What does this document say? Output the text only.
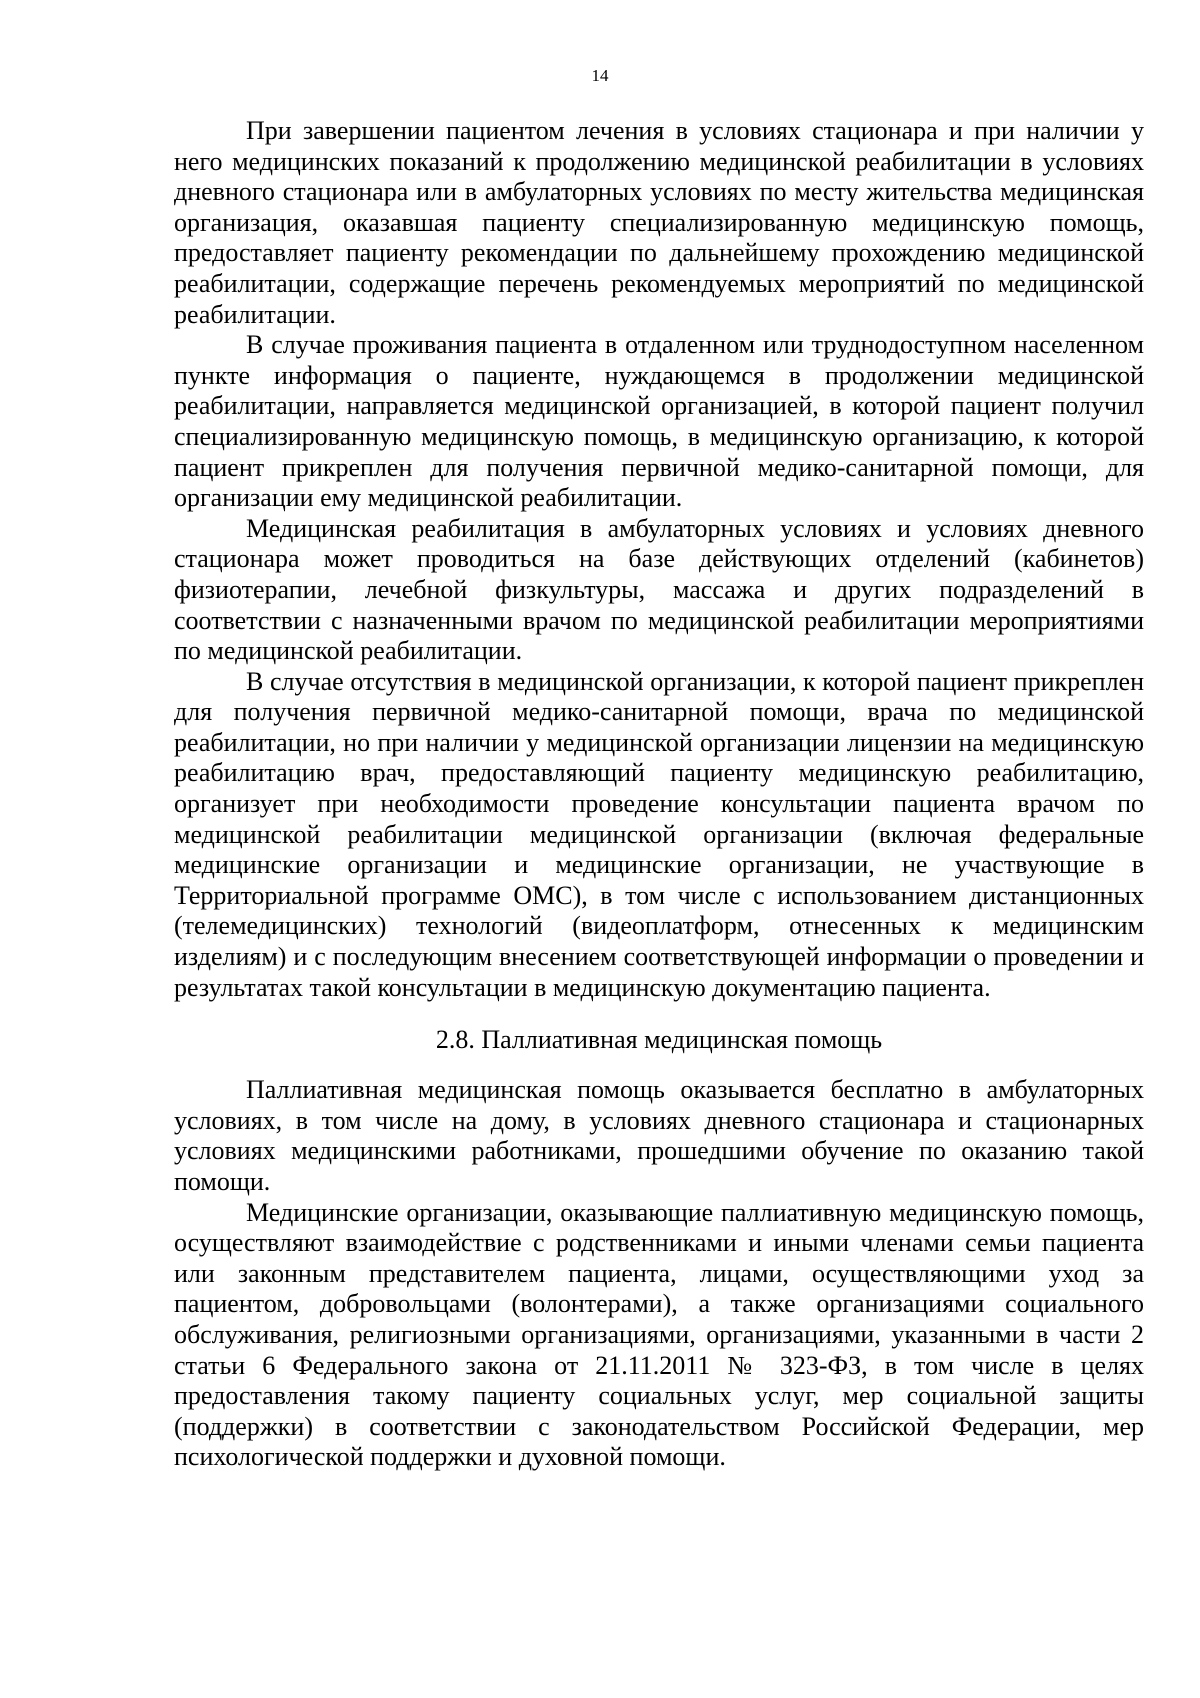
14

При завершении пациентом лечения в условиях стационара и при наличии у него медицинских показаний к продолжению медицинской реабилитации в условиях дневного стационара или в амбулаторных условиях по месту жительства медицинская организация, оказавшая пациенту специализированную медицинскую помощь, предоставляет пациенту рекомендации по дальнейшему прохождению медицинской реабилитации, содержащие перечень рекомендуемых мероприятий по медицинской реабилитации.

В случае проживания пациента в отдаленном или труднодоступном населенном пункте информация о пациенте, нуждающемся в продолжении медицинской реабилитации, направляется медицинской организацией, в которой пациент получил специализированную медицинскую помощь, в медицинскую организацию, к которой пациент прикреплен для получения первичной медико-санитарной помощи, для организации ему медицинской реабилитации.

Медицинская реабилитация в амбулаторных условиях и условиях дневного стационара может проводиться на базе действующих отделений (кабинетов) физиотерапии, лечебной физкультуры, массажа и других подразделений в соответствии с назначенными врачом по медицинской реабилитации мероприятиями по медицинской реабилитации.

В случае отсутствия в медицинской организации, к которой пациент прикреплен для получения первичной медико-санитарной помощи, врача по медицинской реабилитации, но при наличии у медицинской организации лицензии на медицинскую реабилитацию врач, предоставляющий пациенту медицинскую реабилитацию, организует при необходимости проведение консультации пациента врачом по медицинской реабилитации медицинской организации (включая федеральные медицинские организации и медицинские организации, не участвующие в Территориальной программе ОМС), в том числе с использованием дистанционных (телемедицинских) технологий (видеоплатформ, отнесенных к медицинским изделиям) и с последующим внесением соответствующей информации о проведении и результатах такой консультации в медицинскую документацию пациента.

2.8. Паллиативная медицинская помощь

Паллиативная медицинская помощь оказывается бесплатно в амбулаторных условиях, в том числе на дому, в условиях дневного стационара и стационарных условиях медицинскими работниками, прошедшими обучение по оказанию такой помощи.

Медицинские организации, оказывающие паллиативную медицинскую помощь, осуществляют взаимодействие с родственниками и иными членами семьи пациента или законным представителем пациента, лицами, осуществляющими уход за пациентом, добровольцами (волонтерами), а также организациями социального обслуживания, религиозными организациями, организациями, указанными в части 2 статьи 6 Федерального закона от 21.11.2011 № 323-ФЗ, в том числе в целях предоставления такому пациенту социальных услуг, мер социальной защиты (поддержки) в соответствии с законодательством Российской Федерации, мер психологической поддержки и духовной помощи.
